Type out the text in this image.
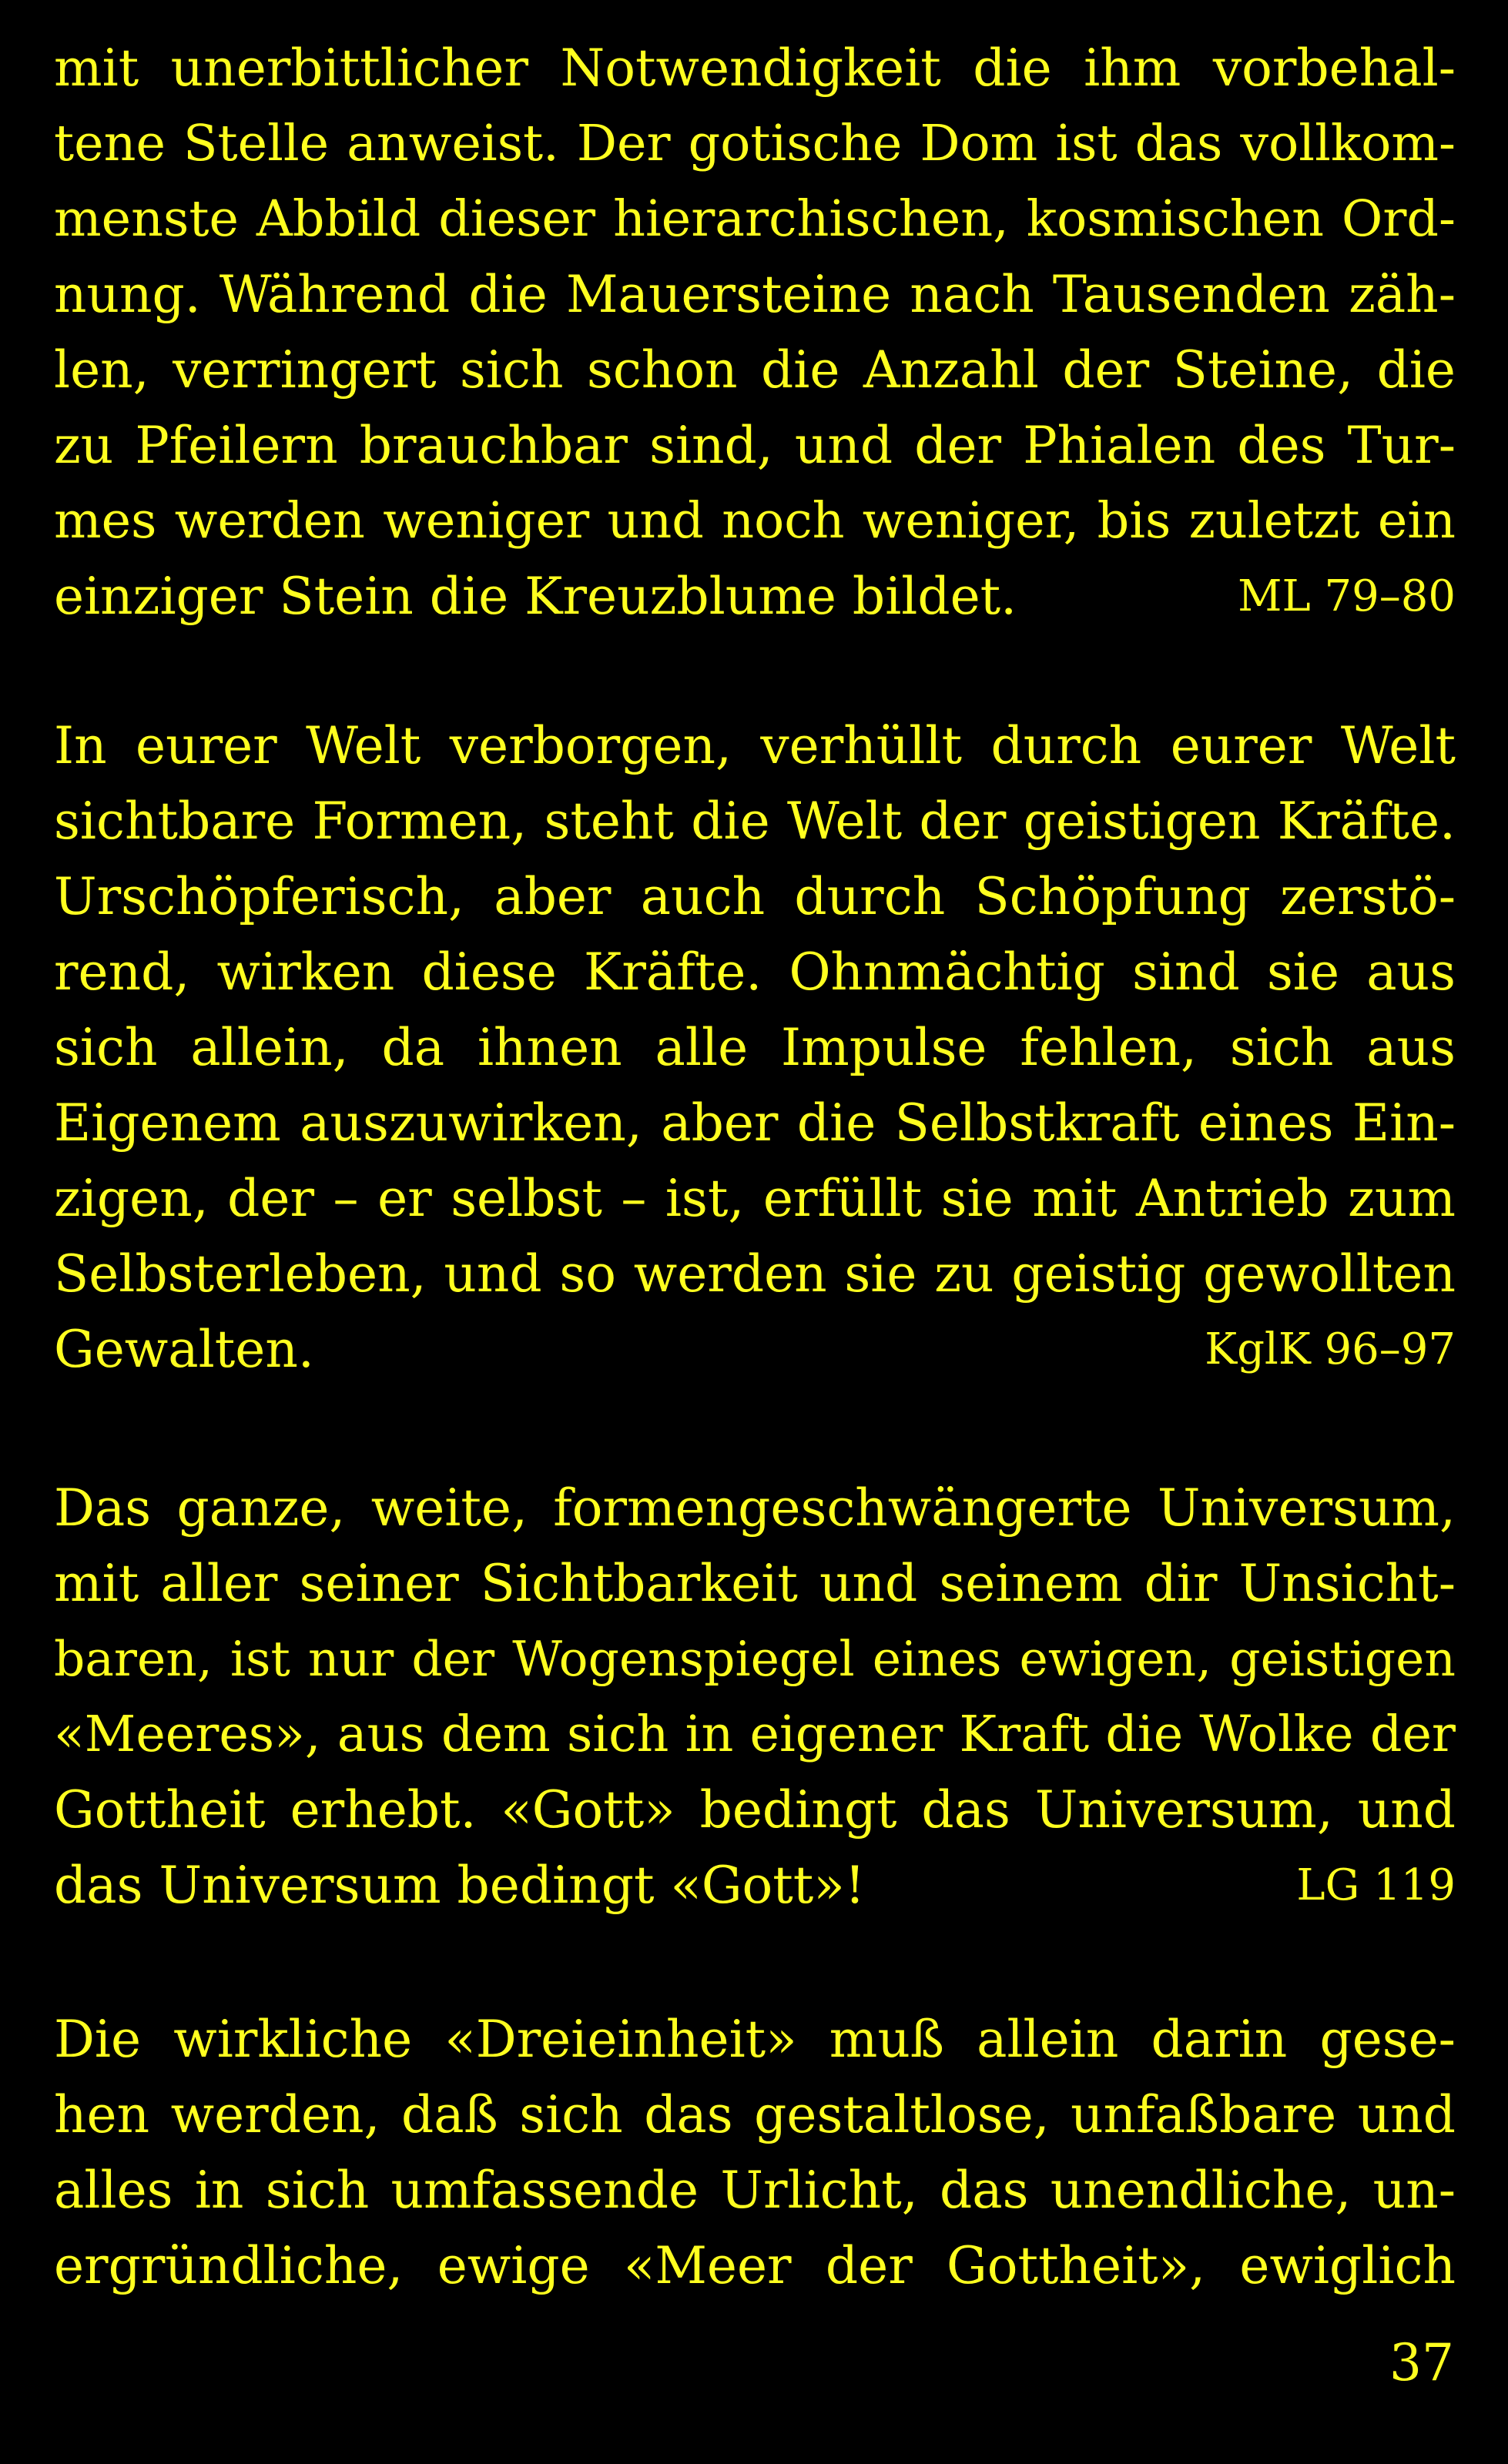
mit unerbittlicher Notwendigkeit die ihm vorbehal-
tene Stelle anweist. Der gotische Dom ist das vollkom-
menste Abbild dieser hierarchischen, kosmischen Ord-
nung. Während die Mauersteine nach Tausenden zäh-
len, verringert sich schon die Anzahl der Steine, die
zu Pfeilern brauchbar sind, und der Phialen des Tur-
mes werden weniger und noch weniger, bis zuletzt ein
einziger Stein die Kreuzblume bildet.	ML 79–80
In eurer Welt verborgen, verhüllt durch eurer Welt
sichtbare Formen, steht die Welt der geistigen Kräfte.
Urschöpferisch, aber auch durch Schöpfung zerstö-
rend, wirken diese Kräfte. Ohnmächtig sind sie aus
sich allein, da ihnen alle Impulse fehlen, sich aus
Eigenem auszuwirken, aber die Selbstkraft eines Ein-
zigen, der – er selbst – ist, erfüllt sie mit Antrieb zum
Selbsterleben, und so werden sie zu geistig gewollten
Gewalten.	KglK 96–97
Das ganze, weite, formengeschwängerte Universum,
mit aller seiner Sichtbarkeit und seinem dir Unsicht-
baren, ist nur der Wogenspiegel eines ewigen, geistigen
«Meeres», aus dem sich in eigener Kraft die Wolke der
Gottheit erhebt. «Gott» bedingt das Universum, und
das Universum bedingt «Gott»!	LG 119
Die wirkliche «Dreieinheit» muß allein darin gese-
hen werden, daß sich das gestaltlose, unfaßbare und
alles in sich umfassende Urlicht, das unendliche, un-
ergründliche, ewige «Meer der Gottheit», ewiglich
37
